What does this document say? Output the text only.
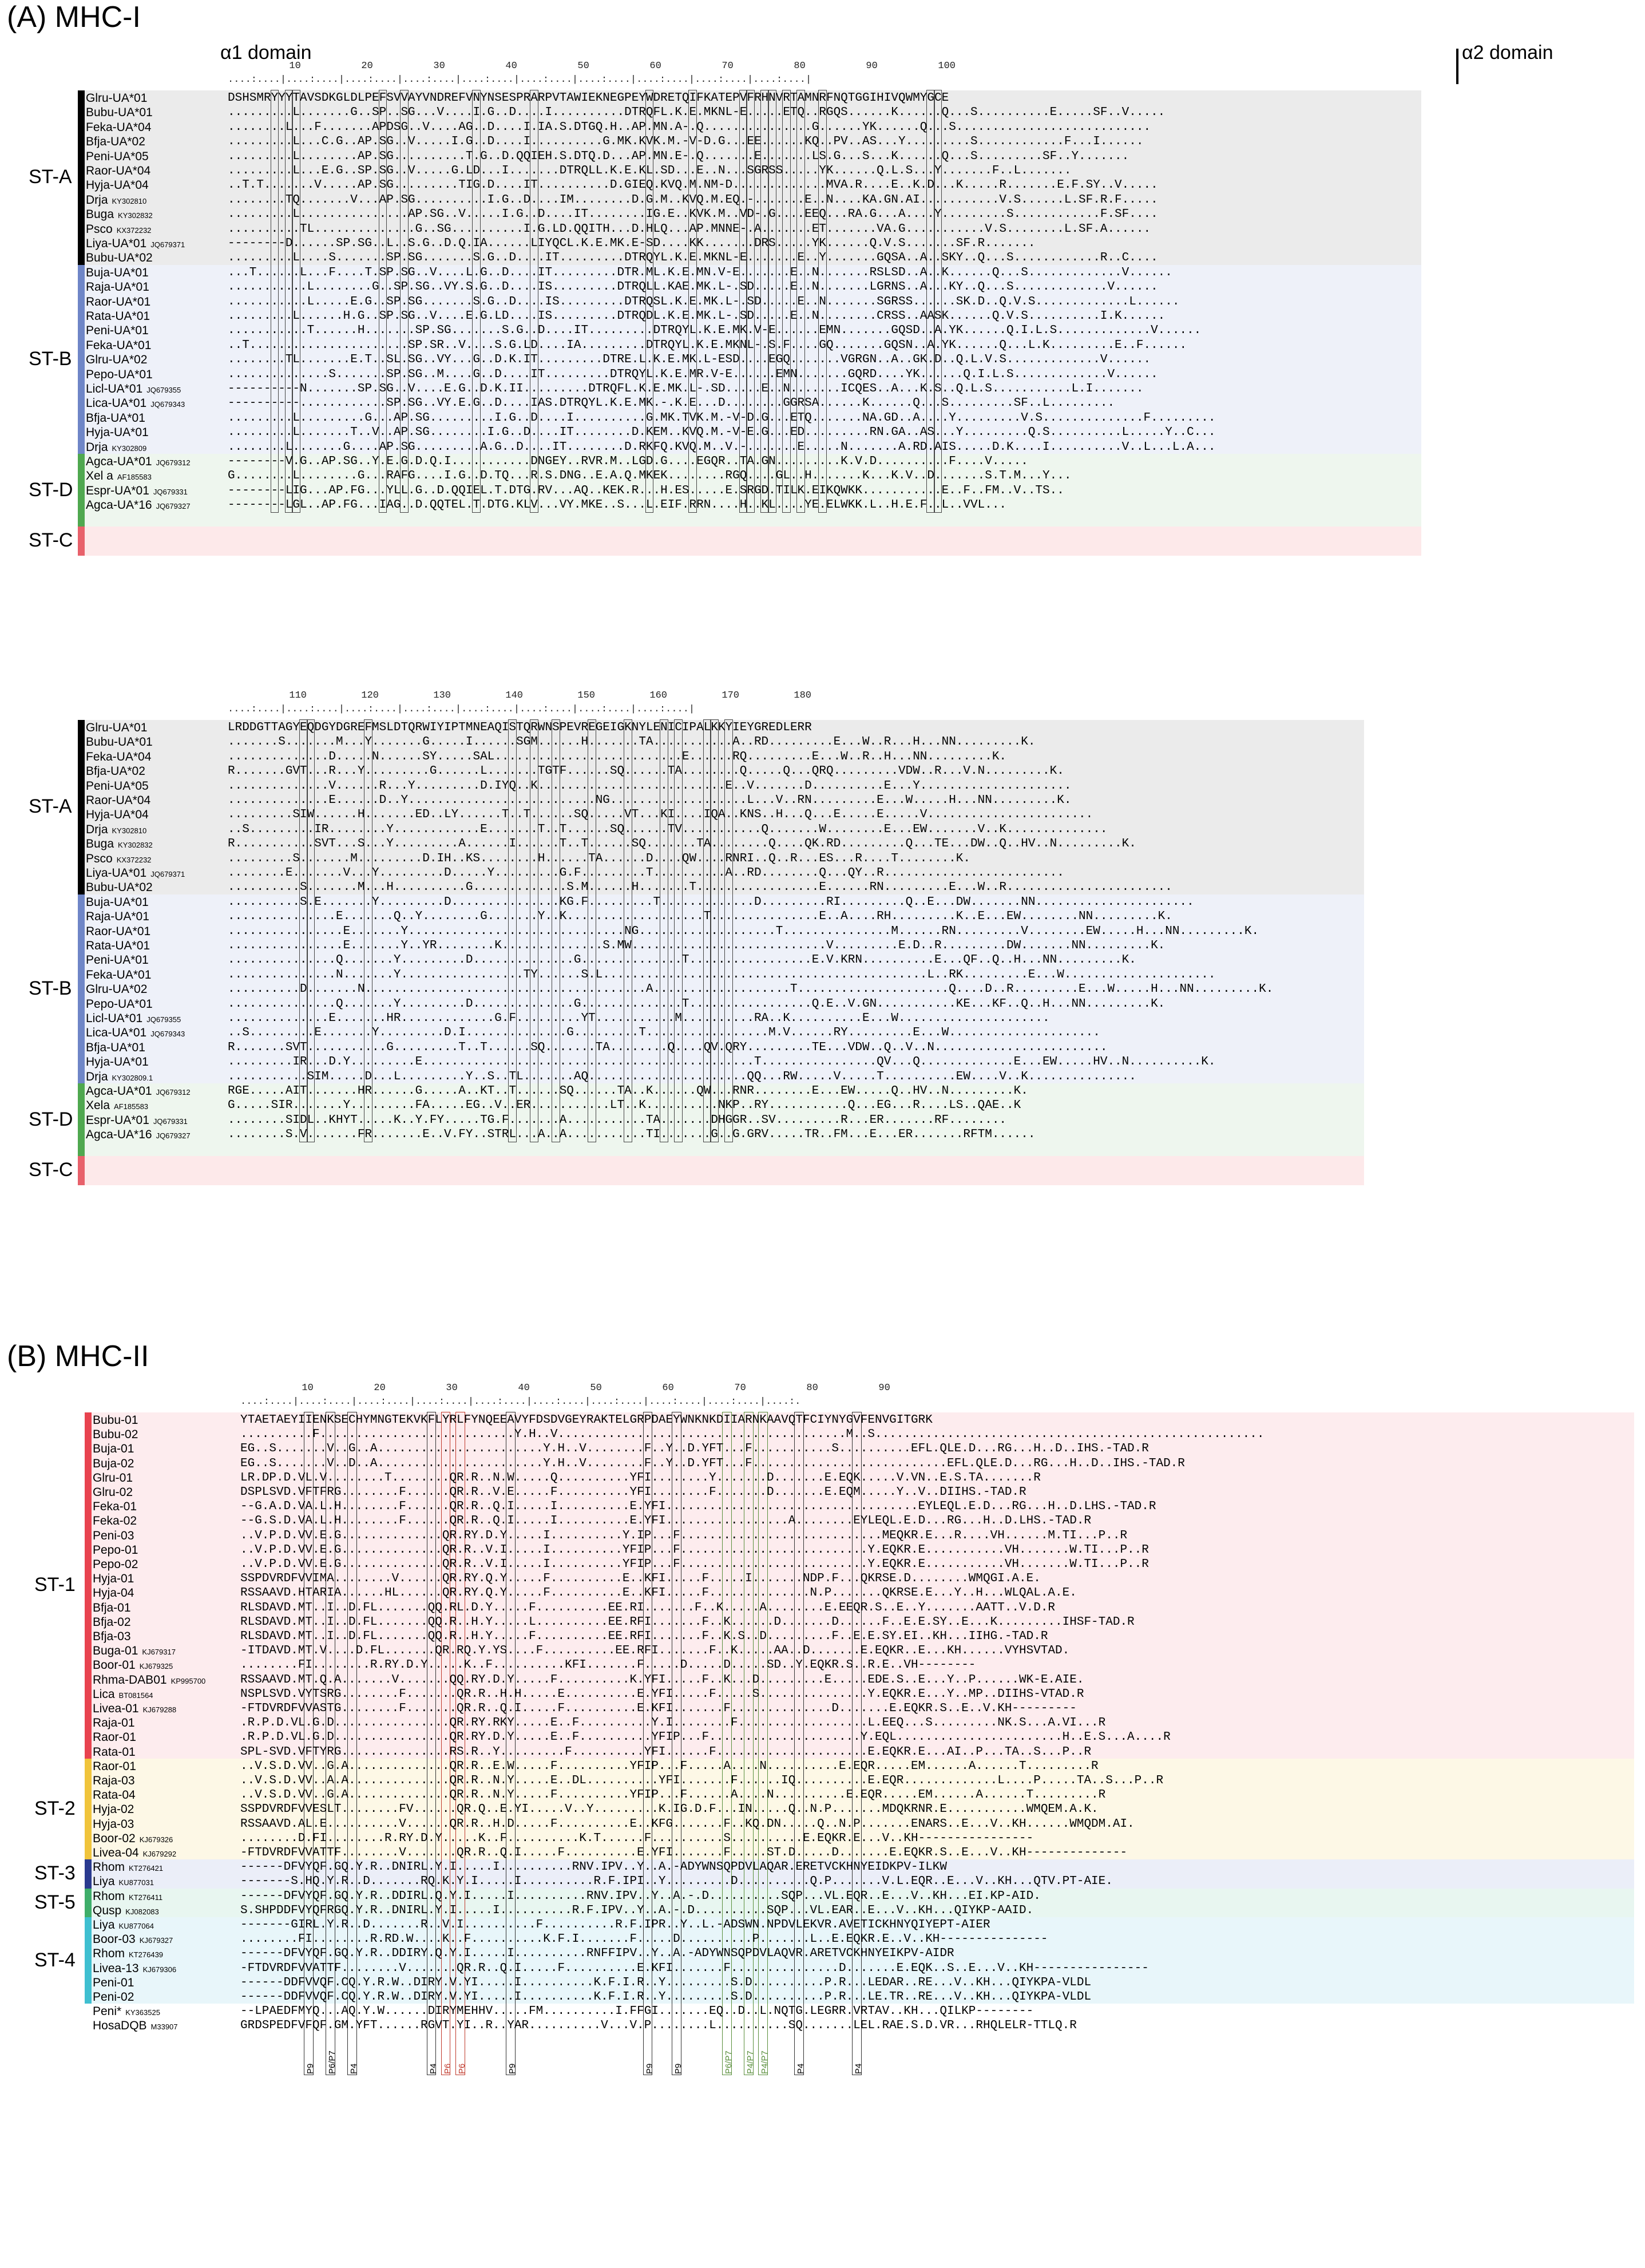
(A) MHC-I
α1 domain	α2 domain
ST-A
ST-B
ST-D
ST-C
....:....|....:....|....:....|....:....|....:....|....:....|....:....|....:....|....:....|....:....|
10	20	30	40	50	60	70	80	90	100
Glru-UA*01	DSHSMRYYYTAVSDKGLDLPEFSVVAYVNDREFVNYNSESPRARPVTAWIEKNEGPEYWDRETQIFKATEPVFRHNVRTAMNRFNQTGGIHIVQWMYGCE
Bubu-UA*01	.........L.......G..SP..SG...V....I.G..D....I..........DTRQFL.K.E.MKNL-E.....ETQ..RGQS......K......Q...S..........E.....SF..V.....
Feka-UA*04	........L...F.......APDSG..V....AG..D....I.IA.S.DTGQ.H..AP.MN.A-.Q...............G......YK......Q...S...........................
Bfja-UA*02	.........L...C.G..AP.SG..V.....I.G..D....I..........G.MK.KVK.M.-V-D.G...EE......KQ..PV..AS...Y.........S............F...I......
Peni-UA*05	.........L........AP.SG..........T.G..D.QQIEH.S.DTQ.D...AP.MN.E-.Q.......E.......LS.G...S...K......Q...S.........SF..Y.......
Raor-UA*04	.........L...E.G..SP.SG..V.....G.LD...I.......DTRQLL.K.E.KL.SD...E..N...SGRSS.....YK......Q.L.S...Y.......F..L.......
Hyja-UA*04	..T.T.......V.....AP.SG.........TIG.D....IT..........D.GIEQ.KVQ.M.NM-D.............MVA.R....E..K.D...K.....R.......E.F.SY..V.....
Drja KY302810	........TQ.......V...AP.SG..........I.G..D....IM........D.G.M..KVQ.M.EQ.-.......E..N....KA.GN.AI...........V.S......L.SF.R.F.....
Buga KY302832	.........L...............AP.SG..V.....I.G..D....IT........IG.E..KVK.M..VD-.G....EEQ...RA.G...A....Y.........S............F.SF....
Psco KX372232	..........TL..............G..SG..........I.G.LD.QQITH...D.HLQ...AP.MNNE-.A.......ET.......VA.G...........V.S........L.SF.A......
Liya-UA*01 JQ679371	--------D......SP.SG..L..S.G..D.Q.IA......LIYQCL.K.E.MK.E-SD....KK.......DRS.....YK......Q.V.S.......SF.R.......
Bubu-UA*02	.........L....S.......SP.SG.......S.G..D....IT.........DTRQYL.K.E.MKNL-E.......E..Y.......GQSA..A..SKY..Q...S............R..C....
Buja-UA*01	...T......L...F....T.SP.SG..V....L.G..D....IT.........DTR.ML.K.E.MN.V-E.......E..N.......RSLSD..A..K......Q...S.............V......
Raja-UA*01	...........L........G..SP.SG..VY.S.G..D....IS.........DTRQLL.KAE.MK.L-.SD.....E..N.......LGRNS..A...KY..Q...S.............V......
Raor-UA*01	...........L.....E.G..SP.SG.......S.G..D....IS.........DTRQSL.K.E.MK.L-.SD.....E..N.......SGRSS......SK.D..Q.V.S.............L......
Rata-UA*01	.........L......H.G..SP.SG..V....E.G.LD....IS.........DTRQDL.K.E.MK.L-.SD.....E..N........CRSS..AASK......Q.V.S..........I.K......
Peni-UA*01	...........T......H.......SP.SG.......S.G..D....IT.........DTRQYL.K.E.MK.V-E......EMN.......GQSD..A.YK......Q.I.L.S.............V......
Feka-UA*01	..T......................SP.SR..V....S.G.LD....IA.........DTRQYL.K.E.MKNL-.S.F....GQ.......GQSN..A.YK......Q...L.K.........E..F......
Glru-UA*02	........TL.......E.T..SL.SG..VY...G..D.K.IT.........DTRE.L.K.E.MK.L-ESD....EGQ.......VGRGN..A..GK.D..Q.L.V.S.............V......
Pepo-UA*01	..............S.......SP.SG..M....G..D....IT.........DTRQYL.K.E.MR.V-E......EMN.......GQRD....YK......Q.I.L.S.............V......
Licl-UA*01 JQ679355	----------N.......SP.SG..V....E.G..D.K.II.........DTRQFL.K.E.MK.L-.SD.....E..N.......ICQES..A...K.S..Q.L.S...........L.I.......
Lica-UA*01 JQ679343	----------............SP.SG..VY.E.G..D....IAS.DTRQYL.K.E.MK.-.K.E...D........GGRSA......K......Q...S.........SF..L.........
Bfja-UA*01	.........L.........G...AP.SG.........I.G..D....I..........G.MK.TVK.M.-V-D.G...ETQ.......NA.GD..A....Y.........V.S..............F.........
Hyja-UA*01	.........L.......T..V..AP.SG........I.G..D....IT........D.KEM..KVQ.M.-V-E.G...ED.........RN.GA..AS...Y.........Q.S..........L.....Y..C...
Drja KY302809	........L.......G....AP.SG.........A.G..D....IT........D.RKFQ.KVQ.M..V.-.......E.....N.......A.RD.AIS.....D.K....I..........V..L...L.A...
Agca-UA*01 JQ679312	--------V.G..AP.SG..Y.E.G.D.Q.I...........DNGEY..RVR.M..LGD.G....EGQR..TA.GN.........K.V.D..........F....V.....
Xel a AF185583	G........L........G...RAFG....I.G..D.TQ...R.S.DNG..E.A.Q.MKEK........RGQ....GL..H.......K...K.V..D.......S.T.M...Y...
Espr-UA*01 JQ679331	--------LIG...AP.FG...YLL.G..D.QQIEL.T.DTG.RV...AQ..KEK.R...H.ES.....E.SRGD.TILK.EIKQWKK...........E..F..FM..V..TS..
Agca-UA*16 JQ679327	--------LGL..AP.FG...IAG..D.QQTEL.T.DTG.KLV...VY.MKE..S...L.EIF.RRN....H..KL....YE.ELWKK.L..H.E.F..L..VVL...
ST-A
ST-B
ST-D
ST-C
....:....|....:....|....:....|....:....|....:....|....:....|....:....|....:....|
110	120	130	140	150	160	170	180
Glru-UA*01	LRDDGTTAGYEQDGYDGREFMSLDTQRWIYIPTMNEAQISTQRWNSPEVREGEIGKNYLENICIPALKKYIEYGREDLERR
Bubu-UA*01	.......S.......M...Y.......G.....I......SGM......H.......TA...........A..RD.........E...W..R...H...NN.........K.
Feka-UA*04	..............D.....N......SY.....SAL..........................E......RQ.........E...W..R..H...NN.........K.
Bfja-UA*02	R.......GVT...R...Y.........G......L.......TGTF......SQ......TA........Q.....Q...QRQ.........VDW..R...V.N.........K.
Peni-UA*05	..............V......R...Y.........D.IYQ..K..........................E..V.......D..........E...Y.....................
Raor-UA*04	..............E......D..Y..........................NG...................L...V..RN.........E...W.....H...NN.........K.
Hyja-UA*04	.........SIW......H.......ED..LY......T..T......SQ.....VT...KI....IQA..KNS..H...Q...E.....E.....V.......................
Drja KY302810	..S.........IR........Y............E.......T..T......SQ......TV...........Q.......W........E...EW.......V..K..............
Buga KY302832	R...........SVT...S...Y.........A......I......T..T......SQ.......TA........Q....QK.RD.........Q...TE...DW..Q..HV..N.........K.
Psco KX372232	.........S.......M.........D.IH..KS........H......TA......D....QW....RNRI..Q..R...ES...R....T........K.
Liya-UA*01 JQ679371	........E.......V...Y.........D.....Y.........G.F.........T..........A..RD........Q...QY..R.........................
Bubu-UA*02	..........S.......M...H..........G.............S.M......H.......T.................E......RN.........E...W..R.......................
Buja-UA*01	..........S.E.......Y.........D...............KG.F.........T.............D.........RI.........Q..E...DW.......NN......................
Raja-UA*01	...............E.......Q..Y........G.......Y..K...................T...............E..A....RH.........K..E...EW........NN.........K.
Raor-UA*01	................E.......Y..............................NG...................T...............M......RN.........V........EW.....H...NN.........K.
Rata-UA*01	................E.......Y..YR........K..............S.MW...........................V.........E.D..R.........DW.......NN.........K.
Peni-UA*01	...............Q.......Y.........D..............G..............T.................E.V.KRN..........E...QF..Q..H...NN.........K.
Feka-UA*01	...............N.......Y.................TY......S.L.............................................L..RK.........E...W.....................
Glru-UA*02	..........D.......N.......................................A...................T.....................Q....D..R.........E...W.....H...NN.........K.
Pepo-UA*01	...............Q.......Y.........D..............G..............T.................Q.E..V.GN...........KE...KF..Q..H...NN.........K.
Licl-UA*01 JQ679355	..............E.......HR.............G.F.........YT...........M..........RA..K..........E...W.....................
Lica-UA*01 JQ679343	..S.........E.......Y.........D.I..............G.........T.................M.V......RY.........E...W.....................
Bfja-UA*01	R.......SVT...........G.........T..T......SQ.......TA........Q....QV.QRY.........TE...VDW..Q..V..N........................
Hyja-UA*01	.........IR...D.Y.........E..............................................T................QV...Q.............E...EW.....HV..N..........K.
Drja KY302809.1	...........SIM.....D...L.........Y..S..TL.......AQ......................QQ...RW.....V.....T..........EW....V..K...............
Agca-UA*01 JQ679312	RGE.....AIT.......HR......G.....A..KT..T......SQ......TA..K......QW...RNR........E...EW.....Q..HV..N.........K.
Xela AF185583	G.....SIR.......Y.........FA.....EG..V..ER...........LT..K..........NKP..RY...........Q...EG...R....LS..QAE..K
Espr-UA*01 JQ679331	........SIDL..KHYT.....K..Y.FY.....TG.F.......A...........TA.......DHGGR..SV.........R...ER.......RF........
Agca-UA*16 JQ679327	........S.V.......FR.......E..V.FY..STRL...A..A...........TI.......G..G.GRV.....TR..FM...E...ER.......RFTM......
(B) MHC-II
ST-1
ST-2
ST-3
ST-5
ST-4
....:....|....:....|....:....|....:....|....:....|....:....|....:....|....:....|....:....|....:.
10	20	30	40	50	60	70	80	90
P9 P6/P7 P4	P4 P6 P6	P9	P9 P9	P6/P7 P4/P7 P4/P7	P4	P4
Bubu-01	YTAETAEYIIENKSECHYMNGTEKVKFLYRLFYNQEEAVYFDSDVGEYRAKTELGRPDAEYWNKNKDIIARNKAAVQTFCIYNYGVFENVGITGRK
Bubu-02	..........F...........................Y.H..V........................................M..S......................................................
Buja-01	EG..S.......V..G..A.......................Y.H..V........F..Y..D.YFT...F...........S..........EFL.QLE.D...RG...H..D..IHS.-TAD.R
Buja-02	EG..S.......V..D..A.......................Y.H..V........F..Y..D.YFT...F...........................EFL.QLE.D...RG...H..D..IHS.-TAD.R
Glru-01	LR.DP.D.VL.V........T........QR.R..N.W.....Q..........YFI........Y.......D.......E.EQK.....V.VN..E.S.TA.......R
Glru-02	DSPLSVD.VFTFRG........F......QR.R..V.E.....F..........YFI........F.......D.......E.EQM.....Y..V..DIIHS.-TAD.R
Feka-01	--G.A.D.VA.L.H........F......QR.R..Q.I.....I..........E.YFI...................................EYLEQL.E.D...RG...H..D.LHS.-TAD.R
Feka-02	--G.S.D.VA.L.H........F......QR.R..Q.I.....I..........E.YFI.................A........EYLEQL.E.D...RG...H..D.LHS.-TAD.R
Peni-03	..V.P.D.VV.E.G..............QR.RY.D.Y.....I..........Y.IP...F............................MEQKR.E...R....VH......M.TI...P..R
Pepo-01	..V.P.D.VV.E.G..............QR.R..V.I.....I..........YFIP...F..........................Y.EQKR.E...........VH.......W.TI...P..R
Pepo-02	..V.P.D.VV.E.G..............QR.R..V.I.....I..........YFIP...F..........................Y.EQKR.E...........VH.......W.TI...P..R
Hyja-01	SSPDVRDFVVIMA........V......QR.RY.Q.Y.....F..........E..KFI.....F.....I.......NDP.F...QKRSE.D........WMQGI.A.E.
Hyja-04	RSSAAVD.HTARIA......HL......QR.RY.Q.Y.....F..........E..KFI.....F..............N.P.......QKRSE.E...Y..H...WLQAL.A.E.
Bfja-01	RLSDAVD.MT..I..D.FL.......QQ.RL.D.Y.....F..........EE.RI.......F..K.....A........E.EEQR.S..E..Y.......AATT..V.D.R
Bfja-02	RLSDAVD.MT..I..D.FL.......QQ.R..H.Y.....L..........EE.RFI.......F..K......D.......D......F..E.E.SY..E...K.........IHSF-TAD.R
Bfja-03	RLSDAVD.MT..I..D.FL.......QQ.R..H.Y.....F..........EE.RFI.......F..K.S..D.........F..E.E.SY.EI..KH...IIHG.-TAD.R
Buga-01 KJ679317	-ITDAVD.MT.V....D.FL.......QR.RQ.Y.YS....F..........EE.RFI.......F..K.....AA..D.......E.EQKR..E...KH......VYHSVTAD.
Boor-01 KJ679325	........FI........R.RY.D.Y.....K..F..........KFI.......F.....D.....D.....SD..Y.EQKR.S..R.E..VH--------
Rhma-DAB01 KP995700	RSSAAVD.MT.Q.A.......V.......QQ.RY.D.Y.....F..........K.YFI.....F..K...D.........E.....EDE.S..E...Y..P......WK-E.AIE.
Lica BT081564	NSPLSVD.VYTSRG........F.......QR.R..H.H.....E..........E.YFI.....F.....S...............Y.EQKR.E...Y..MP..DIIHS-VTAD.R
Livea-01 KJ679288	-FTDVRDFVVASTG........F.......QR.R..Q.I.....F..........E.KFI.......F..............D.......E.EQKR.S..E..V.KH---------
Raja-01	.R.P.D.VL.G.D................QR.RY.RKY.....E..F..........Y.I........F..................L.EEQ...S.........NK.S...A.VI...R
Raor-01	.R.P.D.VL.G.D................QR.RY.D.Y.....E..F..........YFIP...F.....................Y.EQL.......................H..E.S...A....R
Rata-01	SPL-SVD.VFTYRG...............RS.R..Y.........F..........YFI......F.....................E.EQKR.E...AI..P...TA..S...P..R
Raor-01	..V.S.D.VV..G.A..............QR.R..E.W.....F..........YFIP...F.....A....N..........E.EQR.....EM......A......T.........R
Raja-03	..V.S.D.VV..A.A..............QR.R..N.Y.....E..DL..........YFI.......F......IQ..........E.EQR.............L....P.....TA..S...P..R
Rata-04	..V.S.D.VV..G.A..............QR.R..N.Y.....F..........YFIP...F......A....N..........E.EQR.....EM......A......T.........R
Hyja-02	SSPDVRDFVVESLT........FV......QR.Q..E.YI.....V..Y.........K.IG.D.F...IN.....Q..N.P.......MDQKRNR.E...........WMQEM.A.K.
Hyja-03	RSSAAVD.AL.E..........V......QR.R..H.D.....F..........E..KFG.......F..KQ.DN.....Q..N.P.......ENARS..E...V..KH......WMQDM.AI.
Boor-02 KJ679326	........D.FI........R.RY.D.Y.....K..F..........K.T......F..........S..........E.EQKR.E...V..KH----------------
Livea-04 KJ679292	-FTDVRDFVVATTF........V.......QR.R..Q.I.....F..........E.YFI.......F.....ST.D.....D.......E.EQKR.S..E...V..KH--------------
Rhom KT276421	------DFVYQF.GQ.Y.R..DNIRL.Y.I.....I..........RNV.IPV..Y..A.-ADYWNSQPDVLAQAR.ERETVCKHNYEIDKPV-ILKW
Liya KU877031	-------S.HQ.Y.R..D.......RQ.K.Y.I.....I..........R.F.IPI..Y.........D..........Q.P.......V.L.EQR..E...V..KH...QTV.PT-AIE.
Rhom KT276411	------DFVYQF.GQ.Y.R..DDIRL.Q.Y.I.....I..........RNV.IPV..Y..A.-.D..........SQP...VL.EQR..E...V..KH...EI.KP-AID.
Qusp KJ082083	S.SHPDDFVYQFRGQ.Y.R..DNIRL.Y.I.....I..........R.F.IPV..Y..A.-.D..........SQP...VL.EAR..E...V..KH...QIYKP-AAID.
Liya KU877064	-------GIRL.Y.R..D.......R..V.I..........F..........R.F.IPR..Y..L.-ADSWN.NPDVLEKVR.AVETICKHNYQIYEPT-AIER
Boor-03 KJ679327	........FI........R.RD.W....K..F..........K.F.I.......F.....D..........P.......L..E.EQKR.E..V..KH---------------
Rhom KT276439	------DFVYQF.GQ.Y.R..DDIRY.Q.Y.I.....I..........RNFFIPV..Y..A.-ADYWNSQPDVLAQVR.ARETVCKHNYEIKPV-AIDR
Livea-13 KJ679306	-FTDVRDFVVATTF........V.......QR.R..Q.I.....F..........E.KFI.......F...............D.......E.EQK..S..E...V..KH----------------
Peni-01	------DDFVVQF.CQ.Y.R.W..DIRY.V.YI.....I..........K.F.I.R..Y.........S.D..........P.R...LEDAR..RE...V..KH...QIYKPA-VLDL
Peni-02	------DDFVVQF.CQ.Y.R.W..DIRY.V.YI.....I..........K.F.I.R..Y.........S.D..........P.R...LE.TR..RE...V..KH...QIYKPA-VLDL
Peni* KY363525	--LPAEDFMYQ...AQ.Y.W......DIRYMEHHV.....FM..........I.FFGI.......EQ..D..L.NQTG.LEGRR.VRTAV..KH...QILKP--------
HosaDQB M33907	GRDSPEDFVFQF.GM.YFT......RGVT.YI..R..YAR..........V...V.P........L..........SQ.......LEL.RAE.S.D.VR...RHQLELR-TTLQ.R
